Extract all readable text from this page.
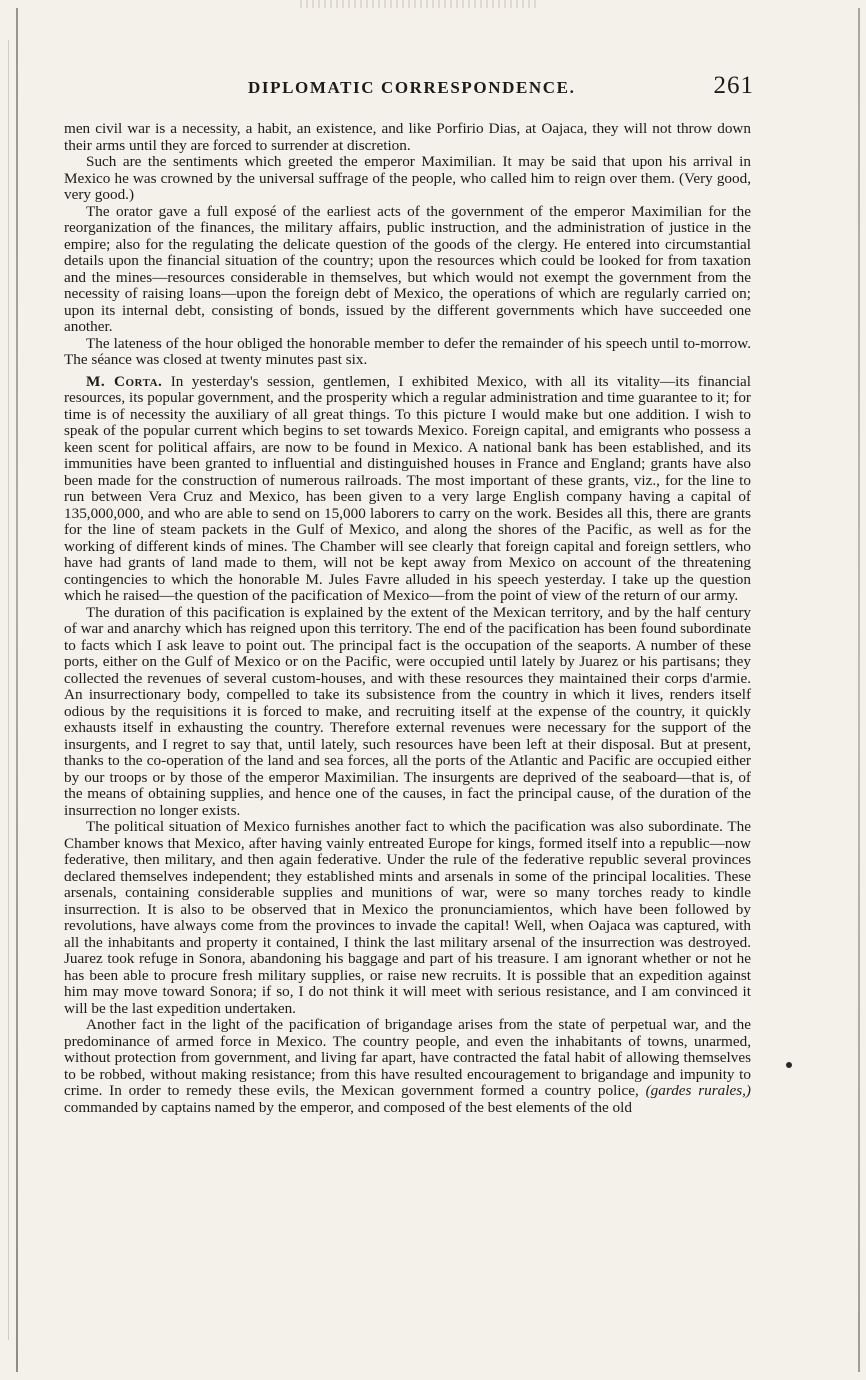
DIPLOMATIC CORRESPONDENCE.	261

men civil war is a necessity, a habit, an existence, and like Porfirio Dias, at Oajaca, they will not throw down their arms until they are forced to surrender at discretion.

Such are the sentiments which greeted the emperor Maximilian. It may be said that upon his arrival in Mexico he was crowned by the universal suffrage of the people, who called him to reign over them. (Very good, very good.)

The orator gave a full exposé of the earliest acts of the government of the emperor Maximilian for the reorganization of the finances, the military affairs, public instruction, and the administration of justice in the empire; also for the regulating the delicate question of the goods of the clergy. He entered into circumstantial details upon the financial situation of the country; upon the resources which could be looked for from taxation and the mines—resources considerable in themselves, but which would not exempt the government from the necessity of raising loans—upon the foreign debt of Mexico, the operations of which are regularly carried on; upon its internal debt, consisting of bonds, issued by the different governments which have succeeded one another.

The lateness of the hour obliged the honorable member to defer the remainder of his speech until to-morrow. The séance was closed at twenty minutes past six.

M. Corta. In yesterday's session, gentlemen, I exhibited Mexico, with all its vitality—its financial resources, its popular government, and the prosperity which a regular administration and time guarantee to it; for time is of necessity the auxiliary of all great things. To this picture I would make but one addition. I wish to speak of the popular current which begins to set towards Mexico. Foreign capital, and emigrants who possess a keen scent for political affairs, are now to be found in Mexico. A national bank has been established, and its immunities have been granted to influential and distinguished houses in France and England; grants have also been made for the construction of numerous railroads. The most important of these grants, viz., for the line to run between Vera Cruz and Mexico, has been given to a very large English company having a capital of 135,000,000, and who are able to send on 15,000 laborers to carry on the work. Besides all this, there are grants for the line of steam packets in the Gulf of Mexico, and along the shores of the Pacific, as well as for the working of different kinds of mines. The Chamber will see clearly that foreign capital and foreign settlers, who have had grants of land made to them, will not be kept away from Mexico on account of the threatening contingencies to which the honorable M. Jules Favre alluded in his speech yesterday. I take up the question which he raised—the question of the pacification of Mexico—from the point of view of the return of our army.

The duration of this pacification is explained by the extent of the Mexican territory, and by the half century of war and anarchy which has reigned upon this territory. The end of the pacification has been found subordinate to facts which I ask leave to point out. The principal fact is the occupation of the seaports. A number of these ports, either on the Gulf of Mexico or on the Pacific, were occupied until lately by Juarez or his partisans; they collected the revenues of several custom-houses, and with these resources they maintained their corps d'armie. An insurrectionary body, compelled to take its subsistence from the country in which it lives, renders itself odious by the requisitions it is forced to make, and recruiting itself at the expense of the country, it quickly exhausts itself in exhausting the country. Therefore external revenues were necessary for the support of the insurgents, and I regret to say that, until lately, such resources have been left at their disposal. But at present, thanks to the co-operation of the land and sea forces, all the ports of the Atlantic and Pacific are occupied either by our troops or by those of the emperor Maximilian. The insurgents are deprived of the seaboard—that is, of the means of obtaining supplies, and hence one of the causes, in fact the principal cause, of the duration of the insurrection no longer exists.

The political situation of Mexico furnishes another fact to which the pacification was also subordinate. The Chamber knows that Mexico, after having vainly entreated Europe for kings, formed itself into a republic—now federative, then military, and then again federative. Under the rule of the federative republic several provinces declared themselves independent; they established mints and arsenals in some of the principal localities. These arsenals, containing considerable supplies and munitions of war, were so many torches ready to kindle insurrection. It is also to be observed that in Mexico the pronunciamientos, which have been followed by revolutions, have always come from the provinces to invade the capital! Well, when Oajaca was captured, with all the inhabitants and property it contained, I think the last military arsenal of the insurrection was destroyed. Juarez took refuge in Sonora, abandoning his baggage and part of his treasure. I am ignorant whether or not he has been able to procure fresh military supplies, or raise new recruits. It is possible that an expedition against him may move toward Sonora; if so, I do not think it will meet with serious resistance, and I am convinced it will be the last expedition undertaken.

Another fact in the light of the pacification of brigandage arises from the state of perpetual war, and the predominance of armed force in Mexico. The country people, and even the inhabitants of towns, unarmed, without protection from government, and living far apart, have contracted the fatal habit of allowing themselves to be robbed, without making resistance; from this have resulted encouragement to brigandage and impunity to crime. In order to remedy these evils, the Mexican government formed a country police, (gardes rurales,) commanded by captains named by the emperor, and composed of the best elements of the old
